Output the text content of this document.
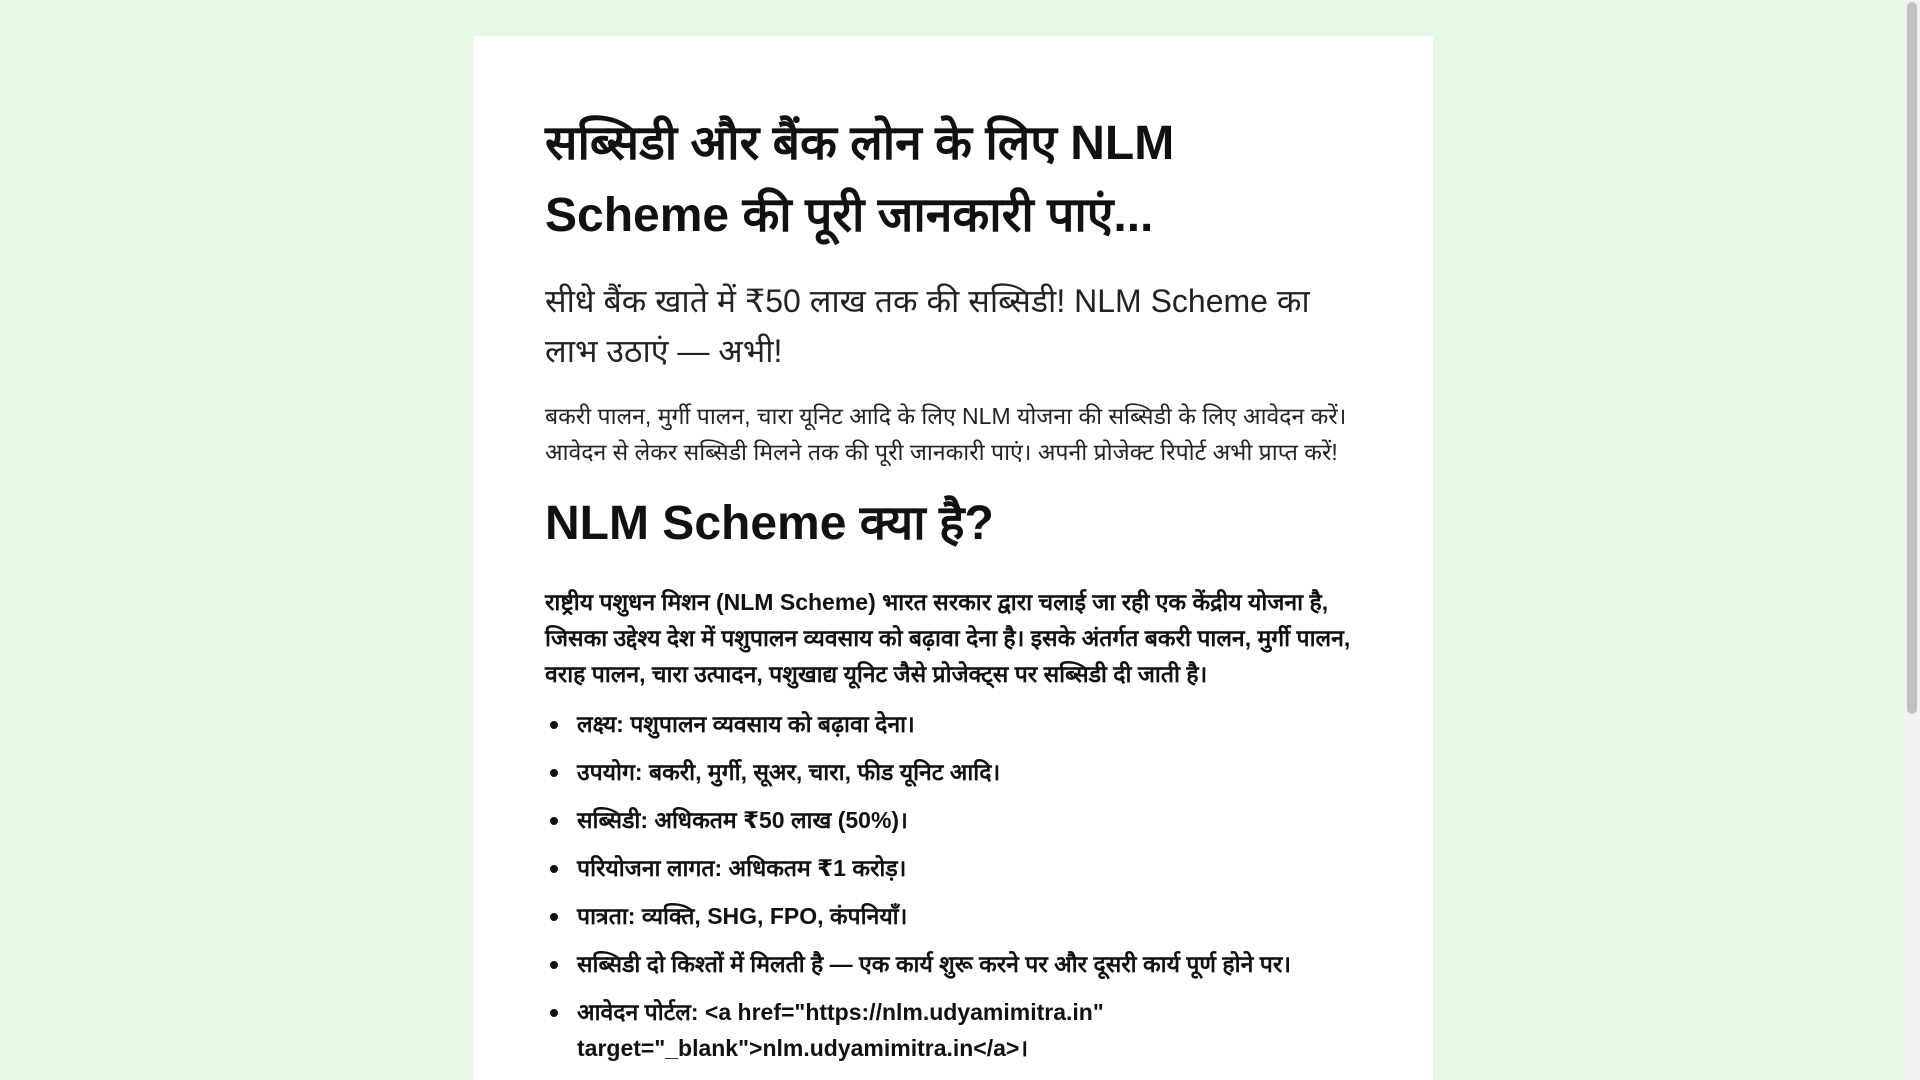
सब्सिडी और बैंक लोन के लिए NLM Scheme की पूरी जानकारी पाएं...

सीधे बैंक खाते में ₹50 लाख तक की सब्सिडी! NLM Scheme का लाभ उठाएं — अभी!

बकरी पालन, मुर्गी पालन, चारा यूनिट आदि के लिए NLM योजना की सब्सिडी के लिए आवेदन करें। आवेदन से लेकर सब्सिडी मिलने तक की पूरी जानकारी पाएं। अपनी प्रोजेक्ट रिपोर्ट अभी प्राप्त करें!

NLM Scheme क्या है?

राष्ट्रीय पशुधन मिशन (NLM Scheme) भारत सरकार द्वारा चलाई जा रही एक केंद्रीय योजना है, जिसका उद्देश्य देश में पशुपालन व्यवसाय को बढ़ावा देना है। इसके अंतर्गत बकरी पालन, मुर्गी पालन, वराह पालन, चारा उत्पादन, पशुखाद्य यूनिट जैसे प्रोजेक्ट्स पर सब्सिडी दी जाती है।

लक्ष्य: पशुपालन व्यवसाय को बढ़ावा देना।
उपयोग: बकरी, मुर्गी, सूअर, चारा, फीड यूनिट आदि।
सब्सिडी: अधिकतम ₹50 लाख (50%)।
परियोजना लागत: अधिकतम ₹1 करोड़।
पात्रता: व्यक्ति, SHG, FPO, कंपनियाँ।
सब्सिडी दो किश्तों में मिलती है — एक कार्य शुरू करने पर और दूसरी कार्य पूर्ण होने पर।
आवेदन पोर्टल: <a href="https://nlm.udyamimitra.in" target="_blank">nlm.udyamimitra.in</a>।
